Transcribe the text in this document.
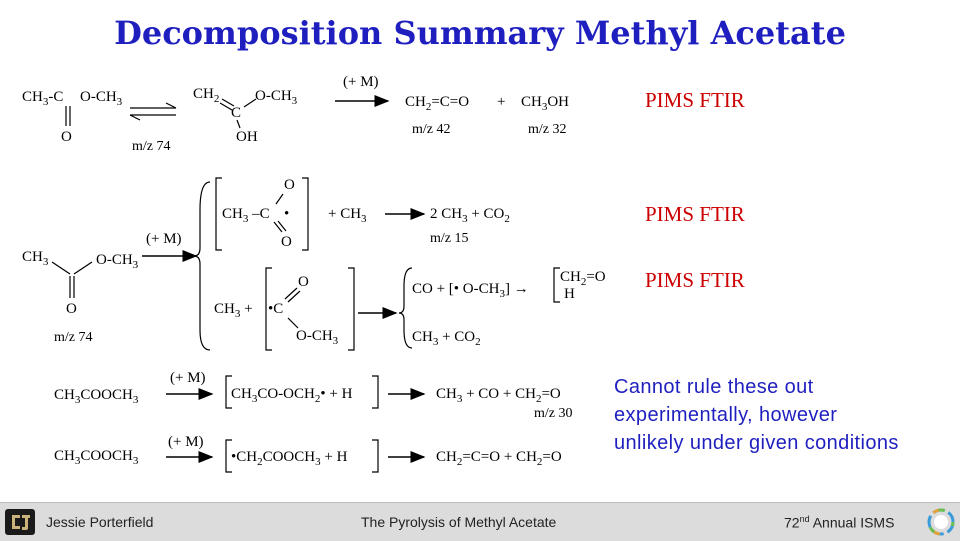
Decomposition Summary Methyl Acetate
$CH_3-C$ $O-CH_3$
O
m/z 74
$CH_2$
C
$O-CH_3$
OH
(+ M)
$CH_2=C=O + CH_3OH$
m/z 42	m/z 32
$CH_3$	$O-CH_3$
O
m/z 74
(+ M)
O
$CH_3$ –C •
O
+ $CH_3$	2 $CH_3 + CO_2$
m/z 15
$CH_3$ +
O
•C
$O-CH_3$
CO + [• $O-CH_3$] →
$CH_2=O$
H
$CH_3 + CO_2$
$CH_3COOCH_3$
(+ M)
$CH_3CO-OCH_2• + H$	$CH_3$ + CO + $CH_2=O$
m/z 30
$CH_3COOCH_3$
(+ M)
$•CH_2COOCH_3 + H$	$CH_2=C=O + CH_2=O$
PIMS FTIR
PIMS FTIR
PIMS FTIR
Cannot rule these out experimentally, however unlikely under given conditions
Jessie Porterfield	The Pyrolysis of Methyl Acetate	72nd Annual ISMS
